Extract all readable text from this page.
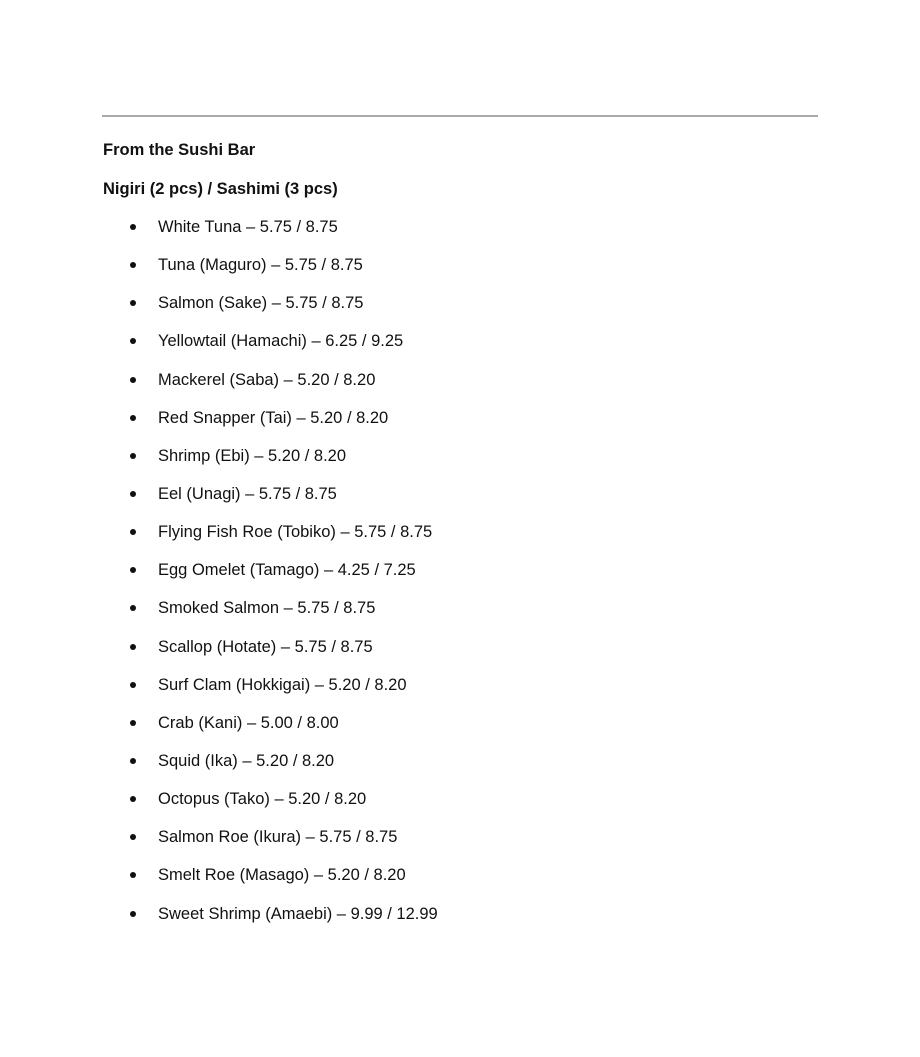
From the Sushi Bar
Nigiri (2 pcs) / Sashimi (3 pcs)
White Tuna – 5.75 / 8.75
Tuna (Maguro) – 5.75 / 8.75
Salmon (Sake) – 5.75 / 8.75
Yellowtail (Hamachi) – 6.25 / 9.25
Mackerel (Saba) – 5.20 / 8.20
Red Snapper (Tai) – 5.20 / 8.20
Shrimp (Ebi) – 5.20 / 8.20
Eel (Unagi) – 5.75 / 8.75
Flying Fish Roe (Tobiko) – 5.75 / 8.75
Egg Omelet (Tamago) – 4.25 / 7.25
Smoked Salmon – 5.75 / 8.75
Scallop (Hotate) – 5.75 / 8.75
Surf Clam (Hokkigai) – 5.20 / 8.20
Crab (Kani) – 5.00 / 8.00
Squid (Ika) – 5.20 / 8.20
Octopus (Tako) – 5.20 / 8.20
Salmon Roe (Ikura) – 5.75 / 8.75
Smelt Roe (Masago) – 5.20 / 8.20
Sweet Shrimp (Amaebi) – 9.99 / 12.99
